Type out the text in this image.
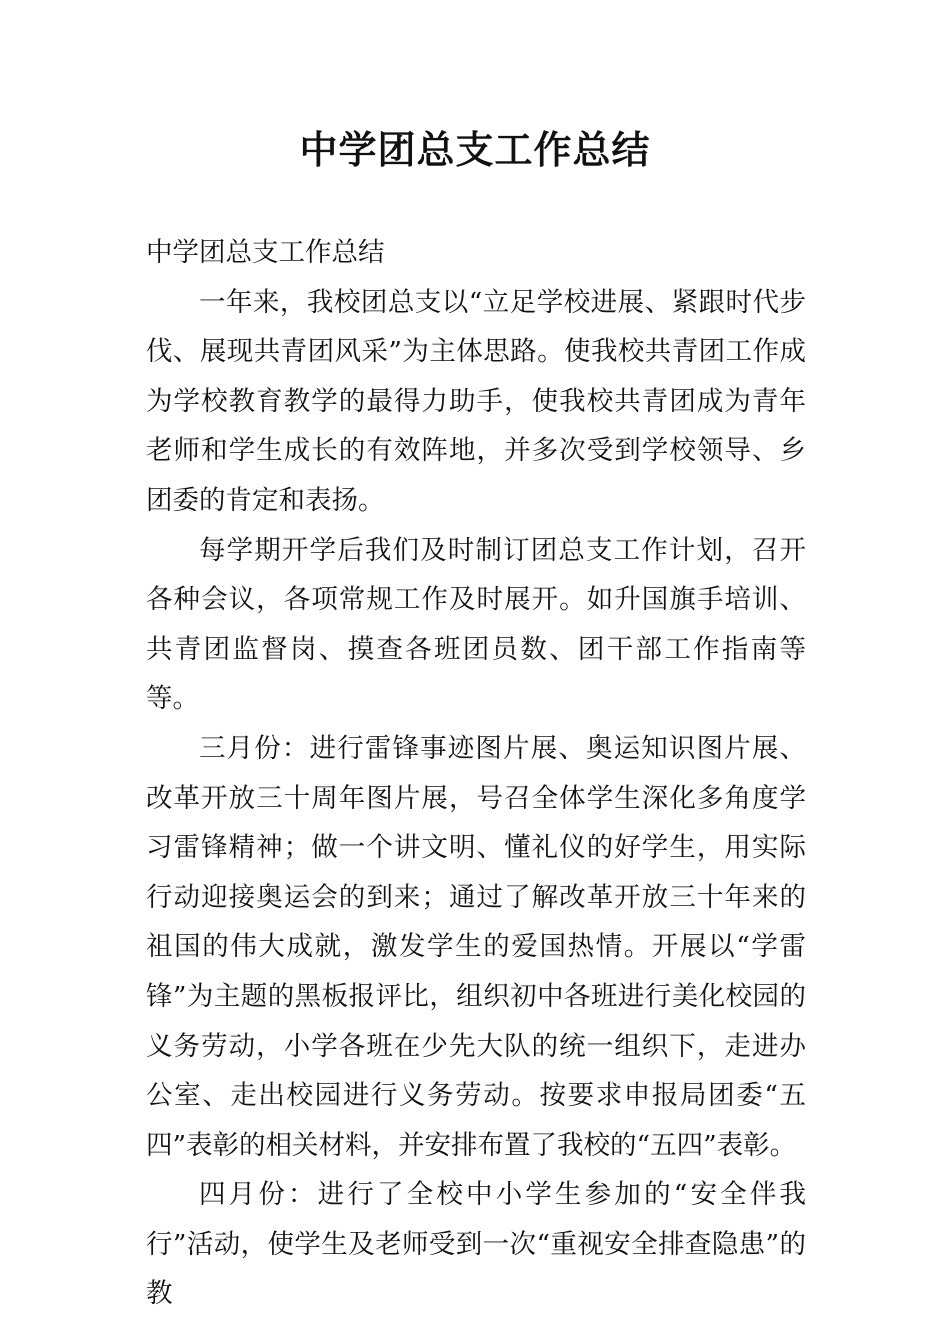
中学团总支工作总结

中学团总支工作总结

一年来，我校团总支以“立足学校进展、紧跟时代步伐、展现共青团风采”为主体思路。使我校共青团工作成为学校教育教学的最得力助手，使我校共青团成为青年老师和学生成长的有效阵地，并多次受到学校领导、乡团委的肯定和表扬。

每学期开学后我们及时制订团总支工作计划，召开各种会议，各项常规工作及时展开。如升国旗手培训、共青团监督岗、摸查各班团员数、团干部工作指南等等。

三月份：进行雷锋事迹图片展、奥运知识图片展、改革开放三十周年图片展，号召全体学生深化多角度学习雷锋精神；做一个讲文明、懂礼仪的好学生，用实际行动迎接奥运会的到来；通过了解改革开放三十年来的祖国的伟大成就，激发学生的爱国热情。开展以“学雷锋”为主题的黑板报评比，组织初中各班进行美化校园的义务劳动，小学各班在少先大队的统一组织下，走进办公室、走出校园进行义务劳动。按要求申报局团委“五四”表彰的相关材料，并安排布置了我校的“五四”表彰。

四月份：进行了全校中小学生参加的“安全伴我行”活动，使学生及老师受到一次“重视安全排查隐患”的教
